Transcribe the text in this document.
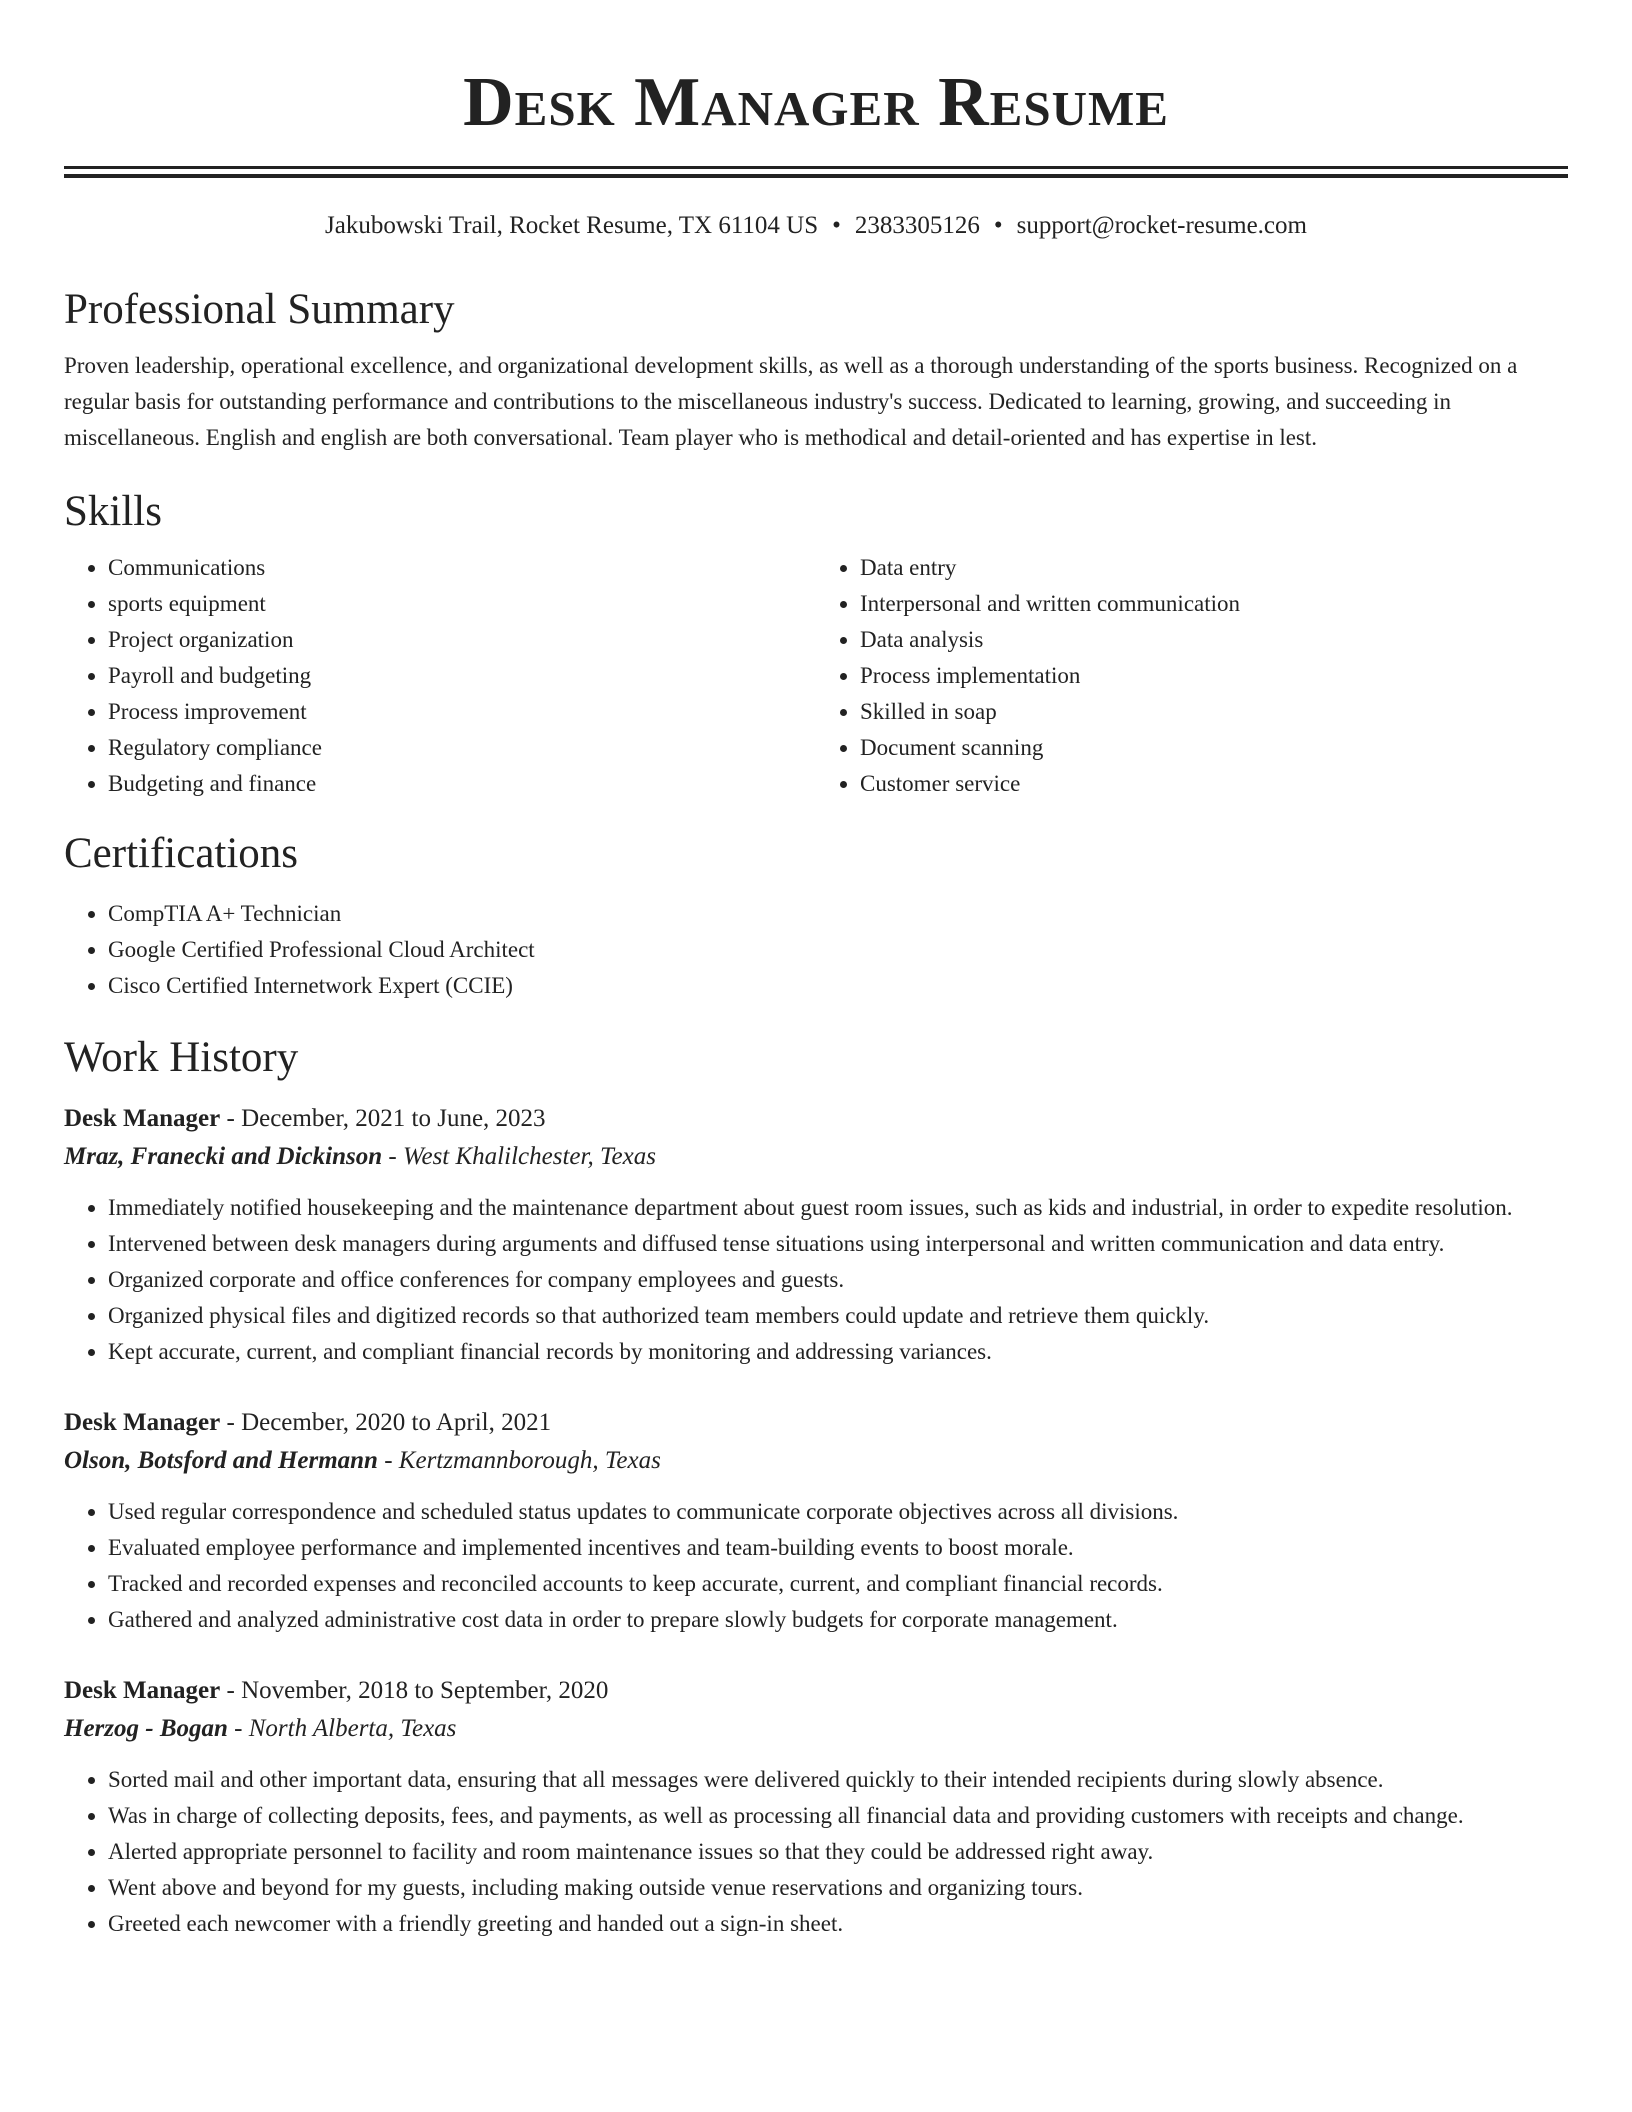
Desk Manager Resume
Jakubowski Trail, Rocket Resume, TX 61104 US • 2383305126 • support@rocket-resume.com
Professional Summary
Proven leadership, operational excellence, and organizational development skills, as well as a thorough understanding of the sports business. Recognized on a regular basis for outstanding performance and contributions to the miscellaneous industry's success. Dedicated to learning, growing, and succeeding in miscellaneous. English and english are both conversational. Team player who is methodical and detail-oriented and has expertise in lest.
Skills
• Communications
• sports equipment
• Project organization
• Payroll and budgeting
• Process improvement
• Regulatory compliance
• Budgeting and finance
• Data entry
• Interpersonal and written communication
• Data analysis
• Process implementation
• Skilled in soap
• Document scanning
• Customer service
Certifications
• CompTIA A+ Technician
• Google Certified Professional Cloud Architect
• Cisco Certified Internetwork Expert (CCIE)
Work History
Desk Manager - December, 2021 to June, 2023
Mraz, Franecki and Dickinson - West Khalilchester, Texas
• Immediately notified housekeeping and the maintenance department about guest room issues, such as kids and industrial, in order to expedite resolution.
• Intervened between desk managers during arguments and diffused tense situations using interpersonal and written communication and data entry.
• Organized corporate and office conferences for company employees and guests.
• Organized physical files and digitized records so that authorized team members could update and retrieve them quickly.
• Kept accurate, current, and compliant financial records by monitoring and addressing variances.
Desk Manager - December, 2020 to April, 2021
Olson, Botsford and Hermann - Kertzmannborough, Texas
• Used regular correspondence and scheduled status updates to communicate corporate objectives across all divisions.
• Evaluated employee performance and implemented incentives and team-building events to boost morale.
• Tracked and recorded expenses and reconciled accounts to keep accurate, current, and compliant financial records.
• Gathered and analyzed administrative cost data in order to prepare slowly budgets for corporate management.
Desk Manager - November, 2018 to September, 2020
Herzog - Bogan - North Alberta, Texas
• Sorted mail and other important data, ensuring that all messages were delivered quickly to their intended recipients during slowly absence.
• Was in charge of collecting deposits, fees, and payments, as well as processing all financial data and providing customers with receipts and change.
• Alerted appropriate personnel to facility and room maintenance issues so that they could be addressed right away.
• Went above and beyond for my guests, including making outside venue reservations and organizing tours.
• Greeted each newcomer with a friendly greeting and handed out a sign-in sheet.
